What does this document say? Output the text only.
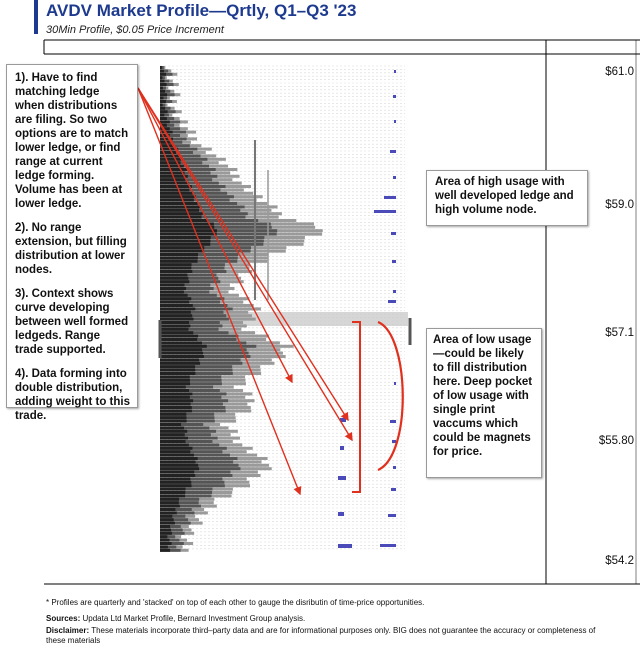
AVDV Market Profile—Qrtly, Q1–Q3 '23
30Min Profile, $0.05 Price Increment
$61.0
$59.0
$57.1
$55.80
$54.2

1). Have to find matching ledge when distributions are filing. So two options are to match lower ledge, or find range at current ledge forming. Volume has been at lower ledge.

2). No range extension, but filling distribution at lower nodes.

3). Context shows curve developing between well formed ledgeds. Range trade supported.

4). Data forming into double distribution, adding weight to this trade.

Area of high usage with well developed ledge and high volume node.
Area of low usage—could be likely to fill distribution here. Deep pocket of low usage with single print vaccums which could be magnets for price.
* Profiles are quarterly and 'stacked' on top of each other to gauge the disributin of time-price opportunities.
Sources: Updata Ltd Market Profile, Bernard Investment Group analysis.
Disclaimer: These materials incorporate third–party data and are for informational purposes only. BIG does not guarantee the accuracy or completeness of these materials
